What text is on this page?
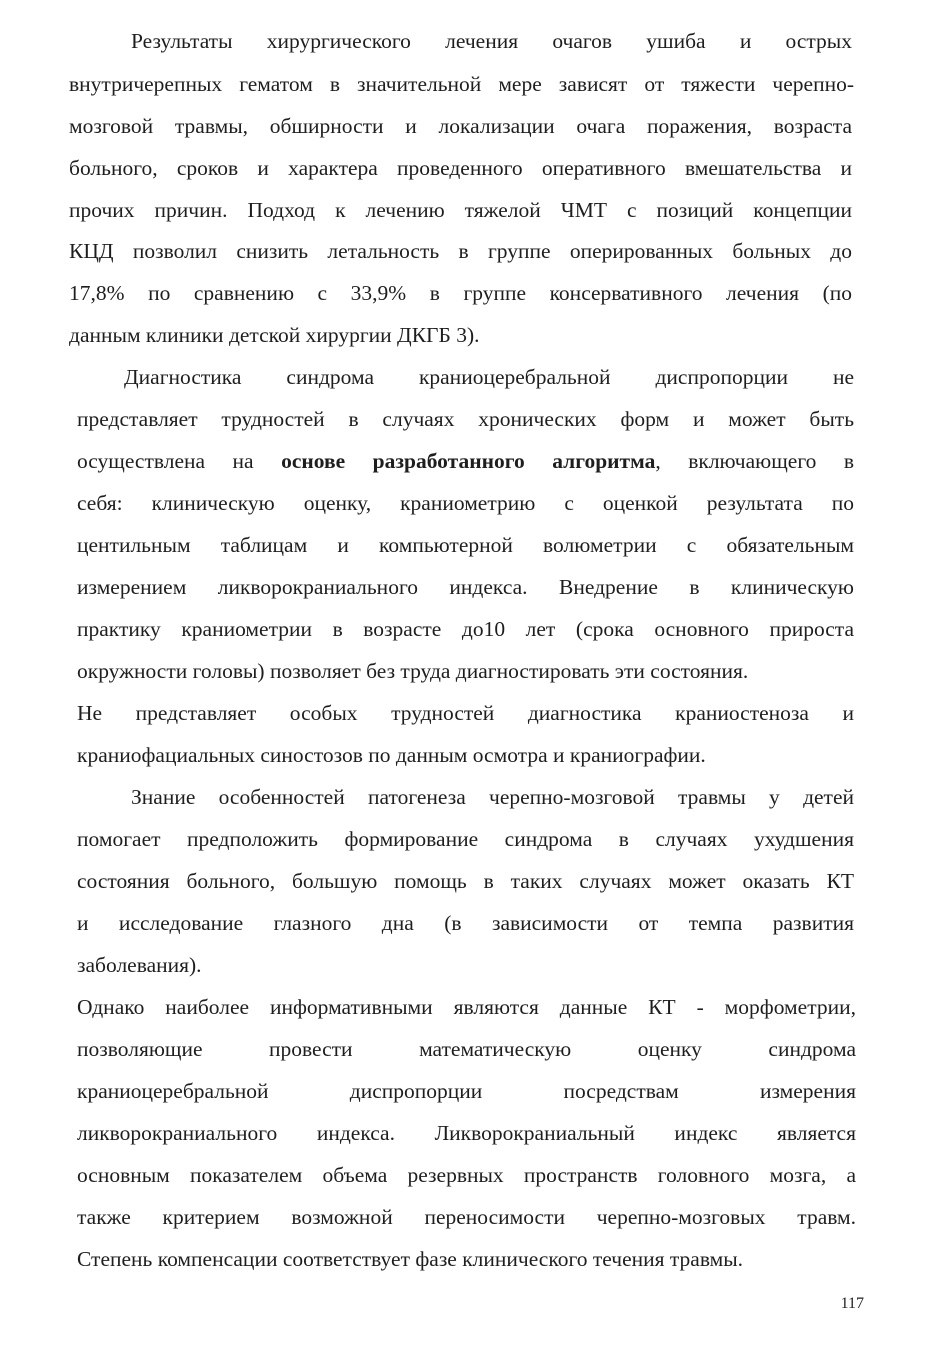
Результаты хирургического лечения очагов ушиба и острых

внутричерепных гематом в значительной мере зависят от тяжести черепно-

мозговой травмы, обширности и локализации очага поражения, возраста

больного, сроков и характера проведенного оперативного вмешательства и

прочих причин. Подход к лечению тяжелой ЧМТ с позиций концепции

КЦД позволил снизить летальность в группе оперированных больных до

17,8% по сравнению с 33,9% в группе консервативного лечения (по

данным клиники детской хирургии ДКГБ 3).

Диагностика синдрома краниоцеребральной диспропорции не

представляет трудностей в случаях хронических форм и может быть

осуществлена на основе разработанного алгоритма, включающего в

себя: клиническую оценку, краниометрию с оценкой результата по

центильным таблицам и компьютерной волюметрии с обязательным

измерением ликворокраниального индекса. Внедрение в клиническую

практику краниометрии в возрасте до10 лет (срока основного прироста

окружности головы) позволяет без труда диагностировать эти состояния.

Не представляет особых трудностей диагностика краниостеноза и

краниофациальных синостозов по данным осмотра и краниографии.

Знание особенностей патогенеза черепно-мозговой травмы у детей

помогает предположить формирование синдрома в случаях ухудшения

состояния больного, большую помощь в таких случаях может оказать КТ

и исследование глазного дна (в зависимости от темпа развития

заболевания).

Однако наиболее информативными являются данные КТ - морфометрии,

позволяющие провести математическую оценку синдрома

краниоцеребральной диспропорции посредствам измерения

ликворокраниального индекса. Ликворокраниальный индекс является

основным показателем объема резервных пространств головного мозга, а

также критерием возможной переносимости черепно-мозговых травм.

Степень компенсации соответствует фазе клинического течения травмы.

117
